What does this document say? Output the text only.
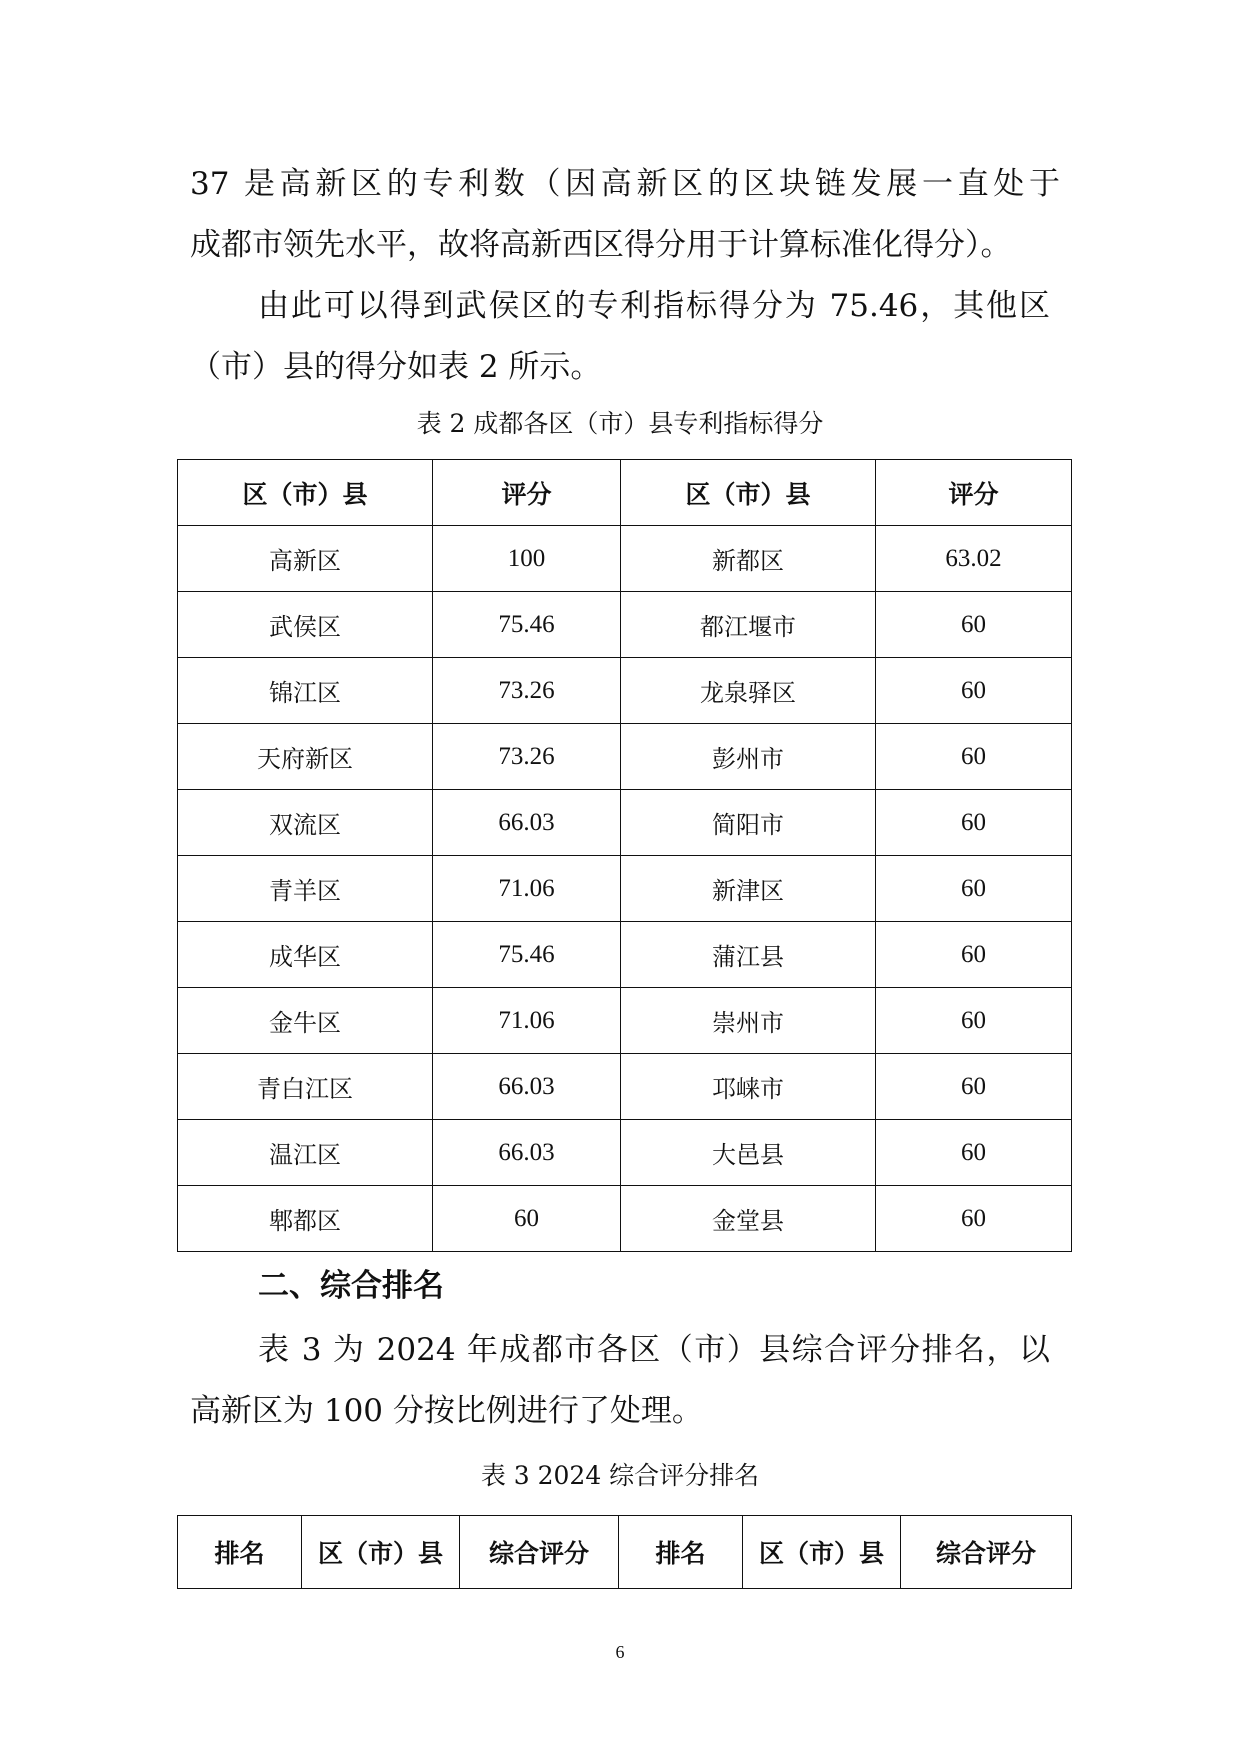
37 是高新区的专利数（因高新区的区块链发展一直处于

成都市领先水平，故将高新西区得分用于计算标准化得分）。

由此可以得到武侯区的专利指标得分为 75.46，其他区

（市）县的得分如表 2 所示。

表 2 成都各区（市）县专利指标得分
区（市）县	评分	区（市）县	评分
高新区	100	新都区	63.02
武侯区	75.46	都江堰市	60
锦江区	73.26	龙泉驿区	60
天府新区	73.26	彭州市	60
双流区	66.03	简阳市	60
青羊区	71.06	新津区	60
成华区	75.46	蒲江县	60
金牛区	71.06	崇州市	60
青白江区	66.03	邛崃市	60
温江区	66.03	大邑县	60
郫都区	60	金堂县	60
二、综合排名

表 3 为 2024 年成都市各区（市）县综合评分排名，以

高新区为 100 分按比例进行了处理。

表 3 2024 综合评分排名
排名	区（市）县	综合评分	排名	区（市）县	综合评分
6
